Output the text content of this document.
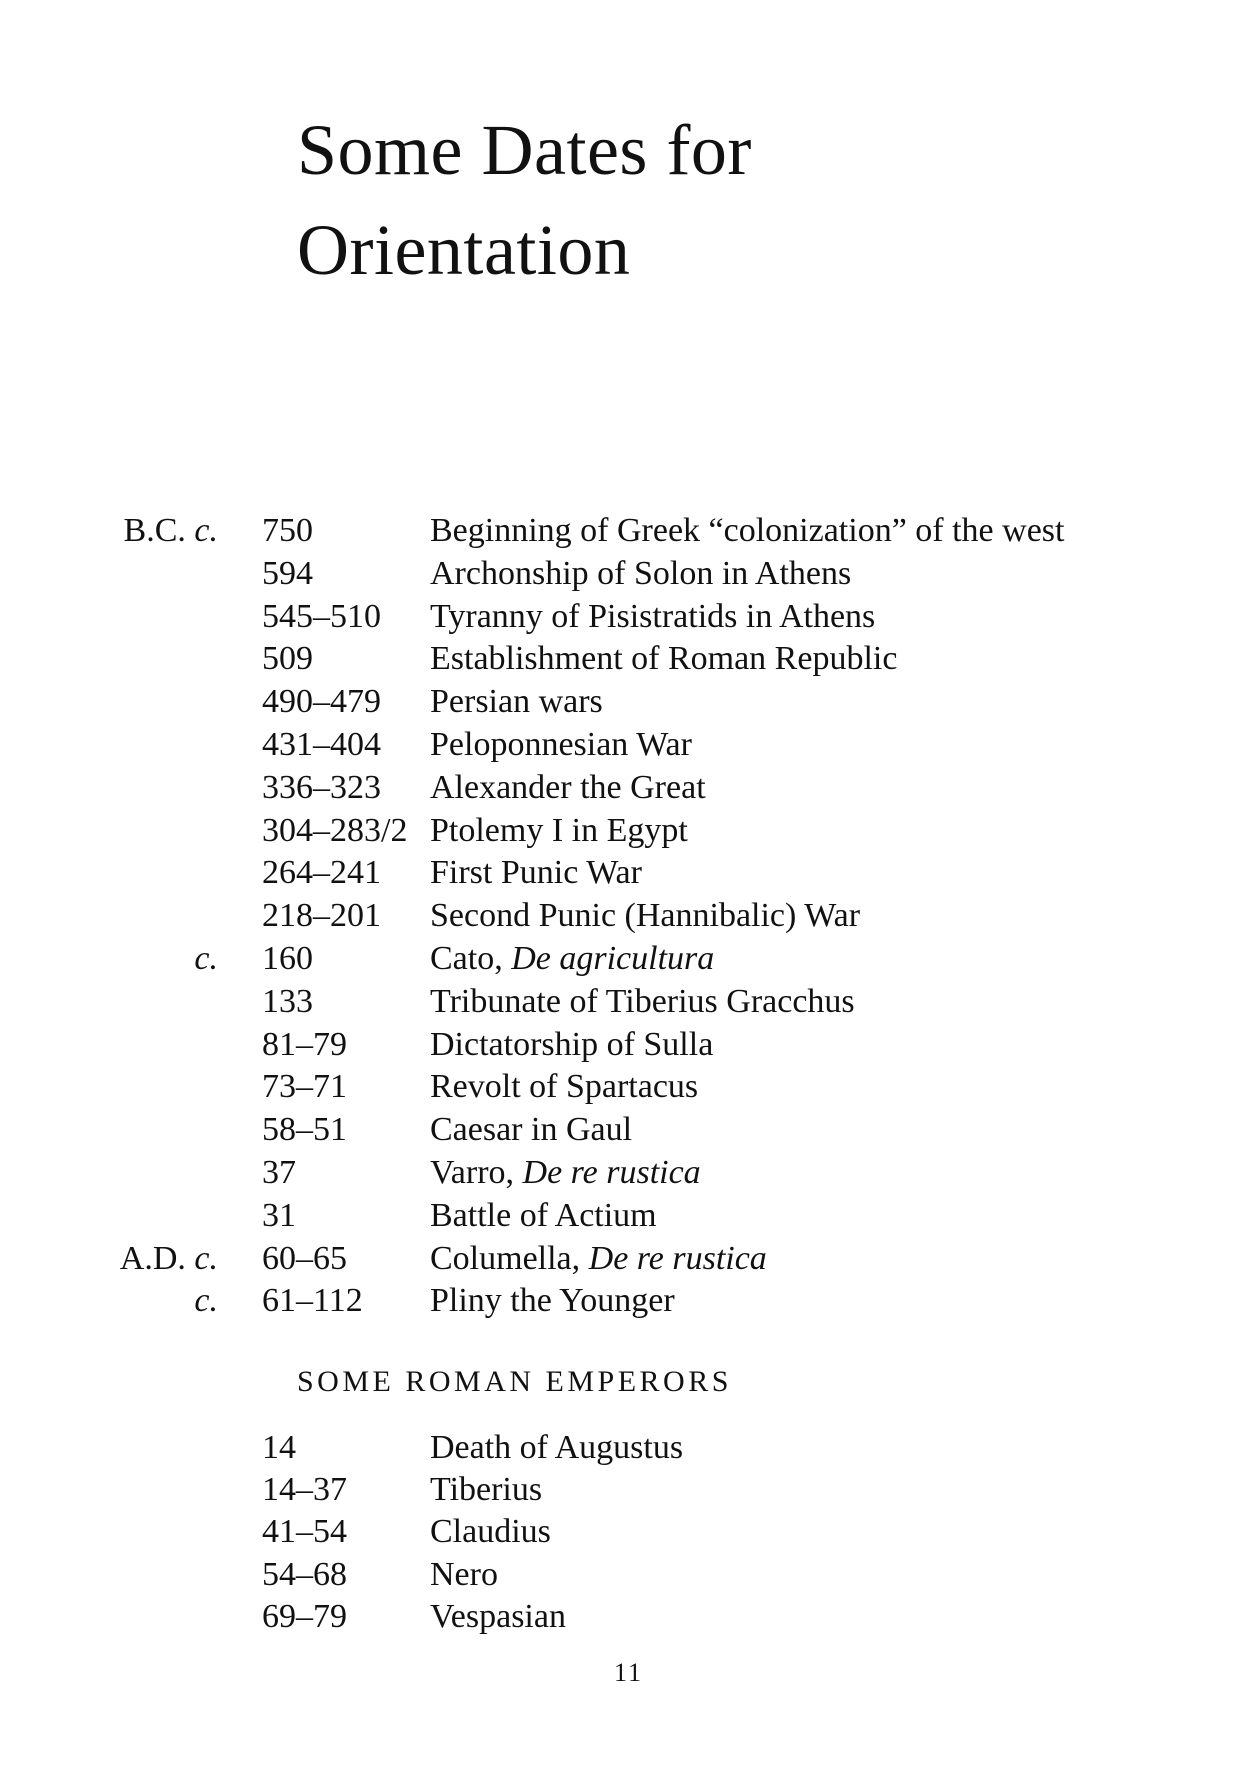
Some Dates for
Orientation
B.C. c. 750	Beginning of Greek “colonization” of the west
594	Archonship of Solon in Athens
545–510 Tyranny of Pisistratids in Athens
509	Establishment of Roman Republic
490–479 Persian wars
431–404 Peloponnesian War
336–323 Alexander the Great
304–283/2 Ptolemy I in Egypt
264–241 First Punic War
218–201 Second Punic (Hannibalic) War
c. 160	Cato, De agricultura
133	Tribunate of Tiberius Gracchus
81–79 Dictatorship of Sulla
73–71 Revolt of Spartacus
58–51 Caesar in Gaul
37	Varro, De re rustica
31	Battle of Actium
A.D. c. 60–65 Columella, De re rustica
c. 61–112 Pliny the Younger
SOME ROMAN EMPERORS
14	Death of Augustus
14–37 Tiberius
41–54 Claudius
54–68 Nero
69–79 Vespasian
11
